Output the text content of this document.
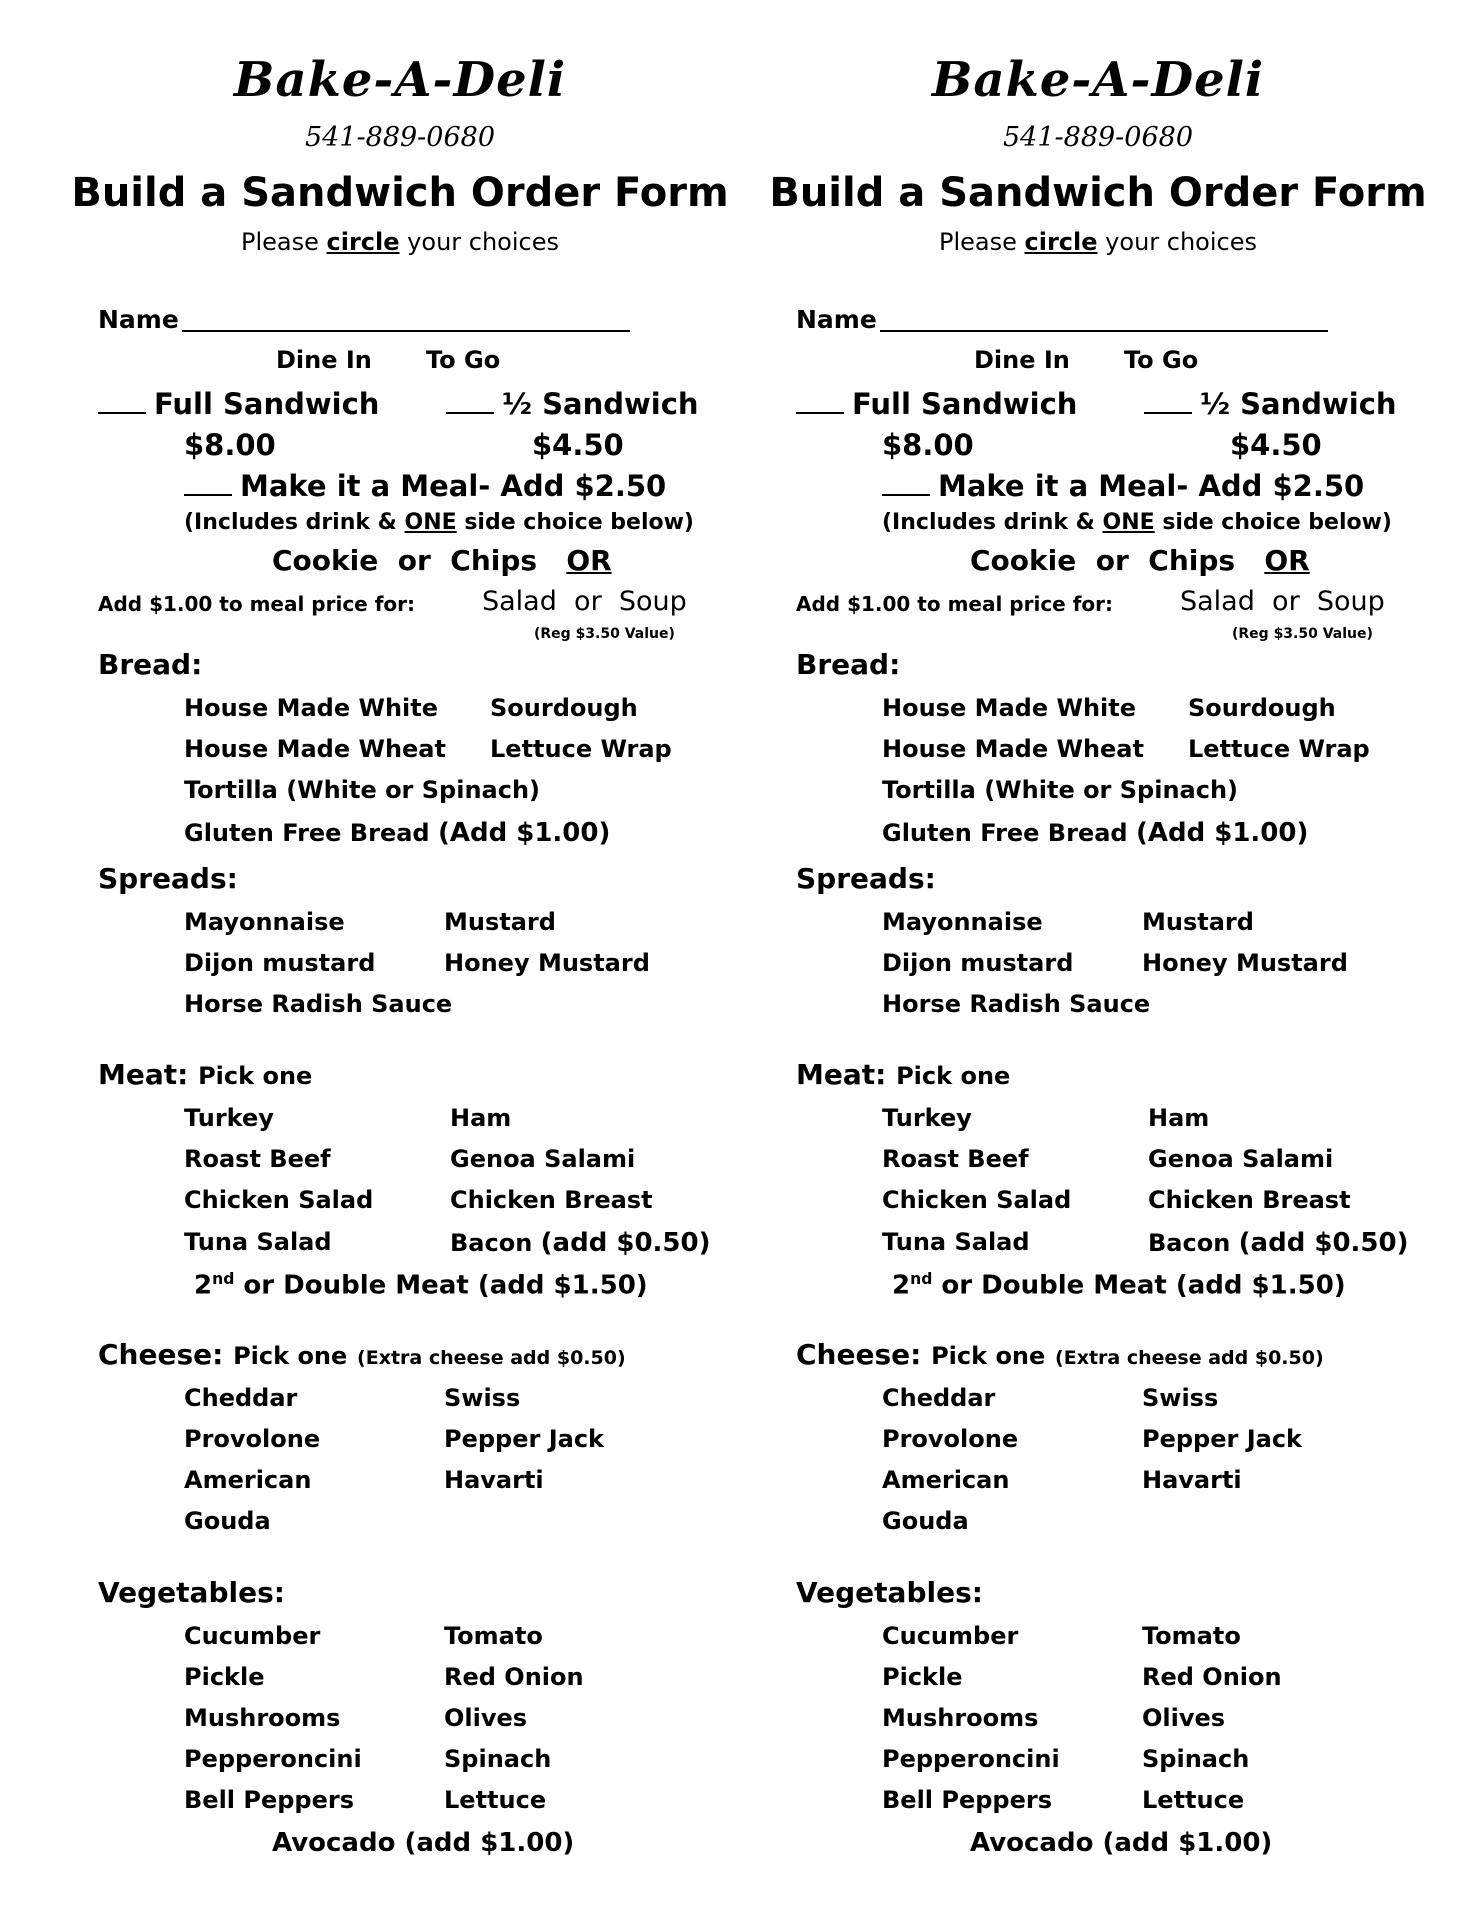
Bake-A-Deli
541-889-0680
Build a Sandwich Order Form
Please circle your choices
Name
Dine In To Go
Full Sandwich	½ Sandwich
$8.00	$4.50
Make it a Meal- Add $2.50
(Includes drink & ONE side choice below)
Cookie or Chips OR
Add $1.00 to meal price for: Salad or Soup
(Reg $3.50 Value)
Bread:
House Made White Sourdough
House Made Wheat Lettuce Wrap
Tortilla (White or Spinach)
Gluten Free Bread (Add $1.00)
Spreads:
Mayonnaise	Mustard
Dijon mustard	Honey Mustard
Horse Radish Sauce
Meat: Pick one
Turkey	Ham
Roast Beef	Genoa Salami
Chicken Salad	Chicken Breast
Tuna Salad	Bacon (add $0.50)
2nd or Double Meat (add $1.50)
Cheese: Pick one (Extra cheese add $0.50)
Cheddar	Swiss
Provolone	Pepper Jack
American	Havarti
Gouda
Vegetables:
Cucumber	Tomato
Pickle	Red Onion
Mushrooms	Olives
Pepperoncini	Spinach
Bell Peppers	Lettuce
Avocado (add $1.00)
Bake-A-Deli
541-889-0680
Build a Sandwich Order Form
Please circle your choices
Name
Dine In To Go
Full Sandwich	½ Sandwich
$8.00	$4.50
Make it a Meal- Add $2.50
(Includes drink & ONE side choice below)
Cookie or Chips OR
Add $1.00 to meal price for: Salad or Soup
(Reg $3.50 Value)
Bread:
House Made White Sourdough
House Made Wheat Lettuce Wrap
Tortilla (White or Spinach)
Gluten Free Bread (Add $1.00)
Spreads:
Mayonnaise	Mustard
Dijon mustard	Honey Mustard
Horse Radish Sauce
Meat: Pick one
Turkey	Ham
Roast Beef	Genoa Salami
Chicken Salad	Chicken Breast
Tuna Salad	Bacon (add $0.50)
2nd or Double Meat (add $1.50)
Cheese: Pick one (Extra cheese add $0.50)
Cheddar	Swiss
Provolone	Pepper Jack
American	Havarti
Gouda
Vegetables:
Cucumber	Tomato
Pickle	Red Onion
Mushrooms	Olives
Pepperoncini	Spinach
Bell Peppers	Lettuce
Avocado (add $1.00)
